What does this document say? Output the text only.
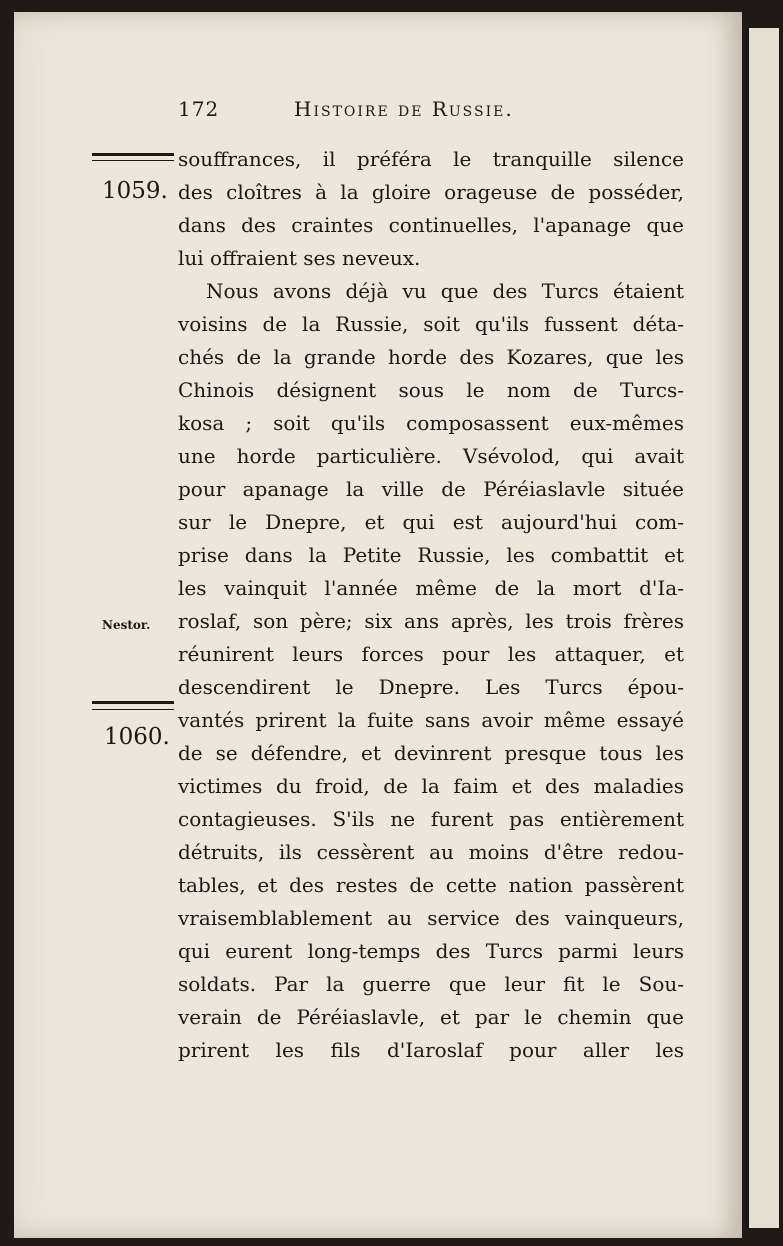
172	Histoire de Russie.
1059.
Nestor.
1060.
souffrances, il préféra le tranquille silence
des cloîtres à la gloire orageuse de posséder,
dans des craintes continuelles, l'apanage que
lui offraient ses neveux.
Nous avons déjà vu que des Turcs étaient
voisins de la Russie, soit qu'ils fussent déta-
chés de la grande horde des Kozares, que les
Chinois désignent sous le nom de Turcs-
kosa ; soit qu'ils composassent eux-mêmes
une horde particulière. Vsévolod, qui avait
pour apanage la ville de Péréiaslavle située
sur le Dnepre, et qui est aujourd'hui com-
prise dans la Petite Russie, les combattit et
les vainquit l'année même de la mort d'Ia-
roslaf, son père; six ans après, les trois frères
réunirent leurs forces pour les attaquer, et
descendirent le Dnepre. Les Turcs épou-
vantés prirent la fuite sans avoir même essayé
de se défendre, et devinrent presque tous les
victimes du froid, de la faim et des maladies
contagieuses. S'ils ne furent pas entièrement
détruits, ils cessèrent au moins d'être redou-
tables, et des restes de cette nation passèrent
vraisemblablement au service des vainqueurs,
qui eurent long-temps des Turcs parmi leurs
soldats. Par la guerre que leur fit le Sou-
verain de Péréiaslavle, et par le chemin que
prirent les fils d'Iaroslaf pour aller les
